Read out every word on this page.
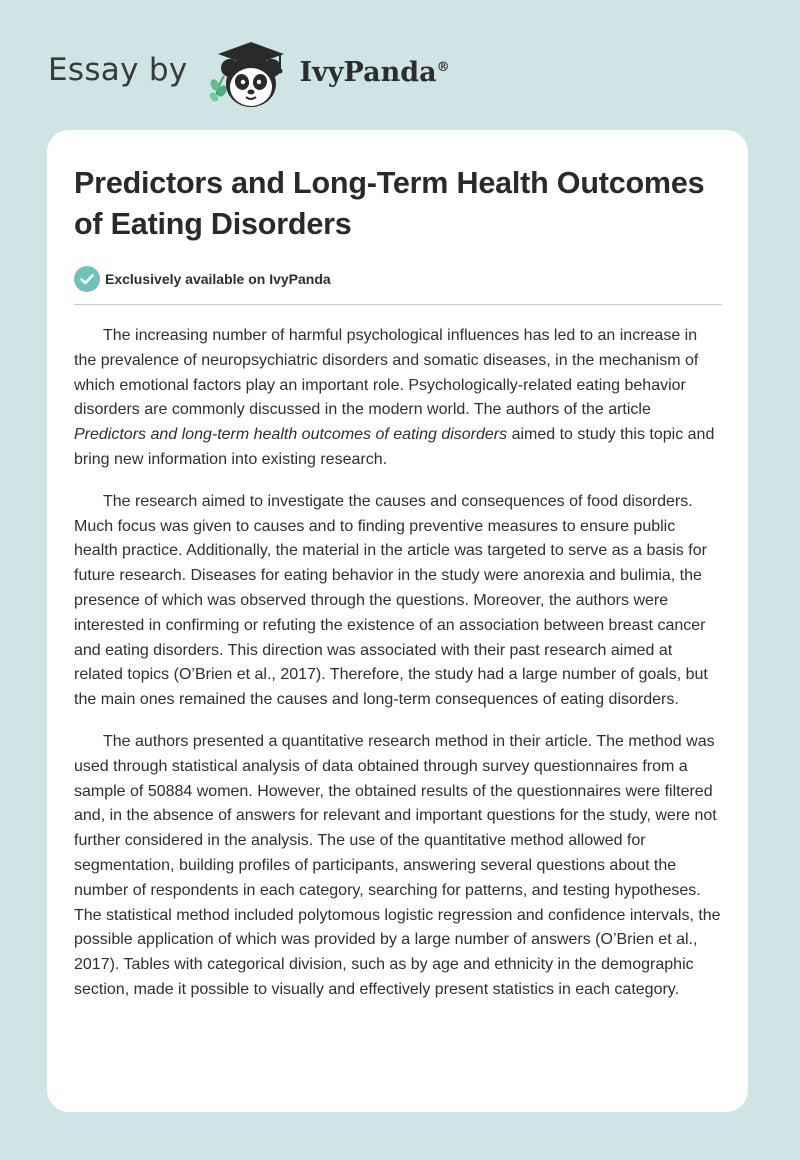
Essay by	IvyPanda®
Predictors and Long-Term Health Outcomes of Eating Disorders
Exclusively available on IvyPanda

The increasing number of harmful psychological influences has led to an increase in the prevalence of neuropsychiatric disorders and somatic diseases, in the mechanism of which emotional factors play an important role. Psychologically-related eating behavior disorders are commonly discussed in the modern world. The authors of the article Predictors and long-term health outcomes of eating disorders aimed to study this topic and bring new information into existing research.

The research aimed to investigate the causes and consequences of food disorders. Much focus was given to causes and to finding preventive measures to ensure public health practice. Additionally, the material in the article was targeted to serve as a basis for future research. Diseases for eating behavior in the study were anorexia and bulimia, the presence of which was observed through the questions. Moreover, the authors were interested in confirming or refuting the existence of an association between breast cancer and eating disorders. This direction was associated with their past research aimed at related topics (O’Brien et al., 2017). Therefore, the study had a large number of goals, but the main ones remained the causes and long-term consequences of eating disorders.

The authors presented a quantitative research method in their article. The method was used through statistical analysis of data obtained through survey questionnaires from a sample of 50884 women. However, the obtained results of the questionnaires were filtered and, in the absence of answers for relevant and important questions for the study, were not further considered in the analysis. The use of the quantitative method allowed for segmentation, building profiles of participants, answering several questions about the number of respondents in each category, searching for patterns, and testing hypotheses. The statistical method included polytomous logistic regression and confidence intervals, the possible application of which was provided by a large number of answers (O’Brien et al., 2017). Tables with categorical division, such as by age and ethnicity in the demographic section, made it possible to visually and effectively present statistics in each category.
